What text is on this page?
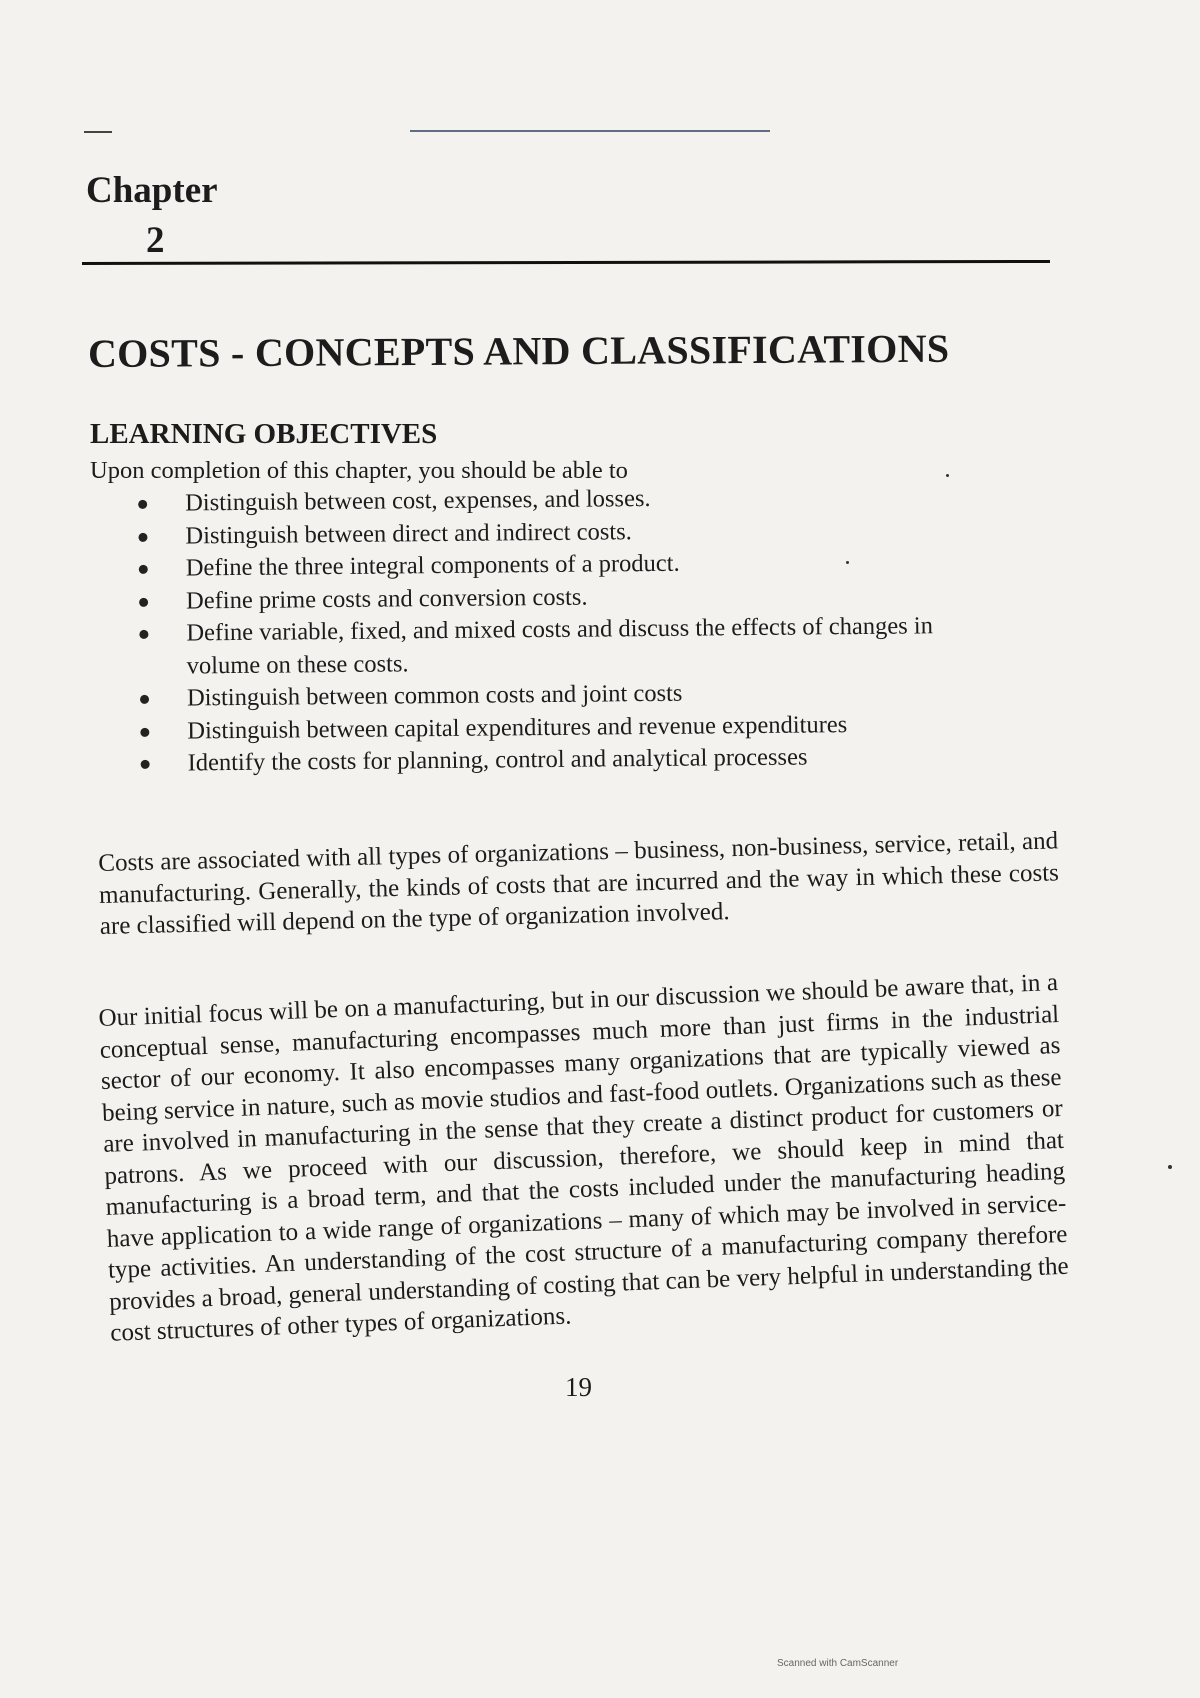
Chapter
2
COSTS - CONCEPTS AND CLASSIFICATIONS
LEARNING OBJECTIVES
Upon completion of this chapter, you should be able to
Distinguish between cost, expenses, and losses.
Distinguish between direct and indirect costs.
Define the three integral components of a product.
Define prime costs and conversion costs.
Define variable, fixed, and mixed costs and discuss the effects of changes in volume on these costs.
Distinguish between common costs and joint costs
Distinguish between capital expenditures and revenue expenditures
Identify the costs for planning, control and analytical processes

Costs are associated with all types of organizations – business, non-business, service, retail, and manufacturing. Generally, the kinds of costs that are incurred and the way in which these costs are classified will depend on the type of organization involved.

Our initial focus will be on a manufacturing, but in our discussion we should be aware that, in a conceptual sense, manufacturing encompasses much more than just firms in the industrial sector of our economy. It also encompasses many organizations that are typically viewed as being service in nature, such as movie studios and fast-food outlets. Organizations such as these are involved in manufacturing in the sense that they create a distinct product for customers or patrons. As we proceed with our discussion, therefore, we should keep in mind that manufacturing is a broad term, and that the costs included under the manufacturing heading have application to a wide range of organizations – many of which may be involved in service-type activities. An understanding of the cost structure of a manufacturing company therefore provides a broad, general understanding of costing that can be very helpful in understanding the cost structures of other types of organizations.

19
Scanned with CamScanner
